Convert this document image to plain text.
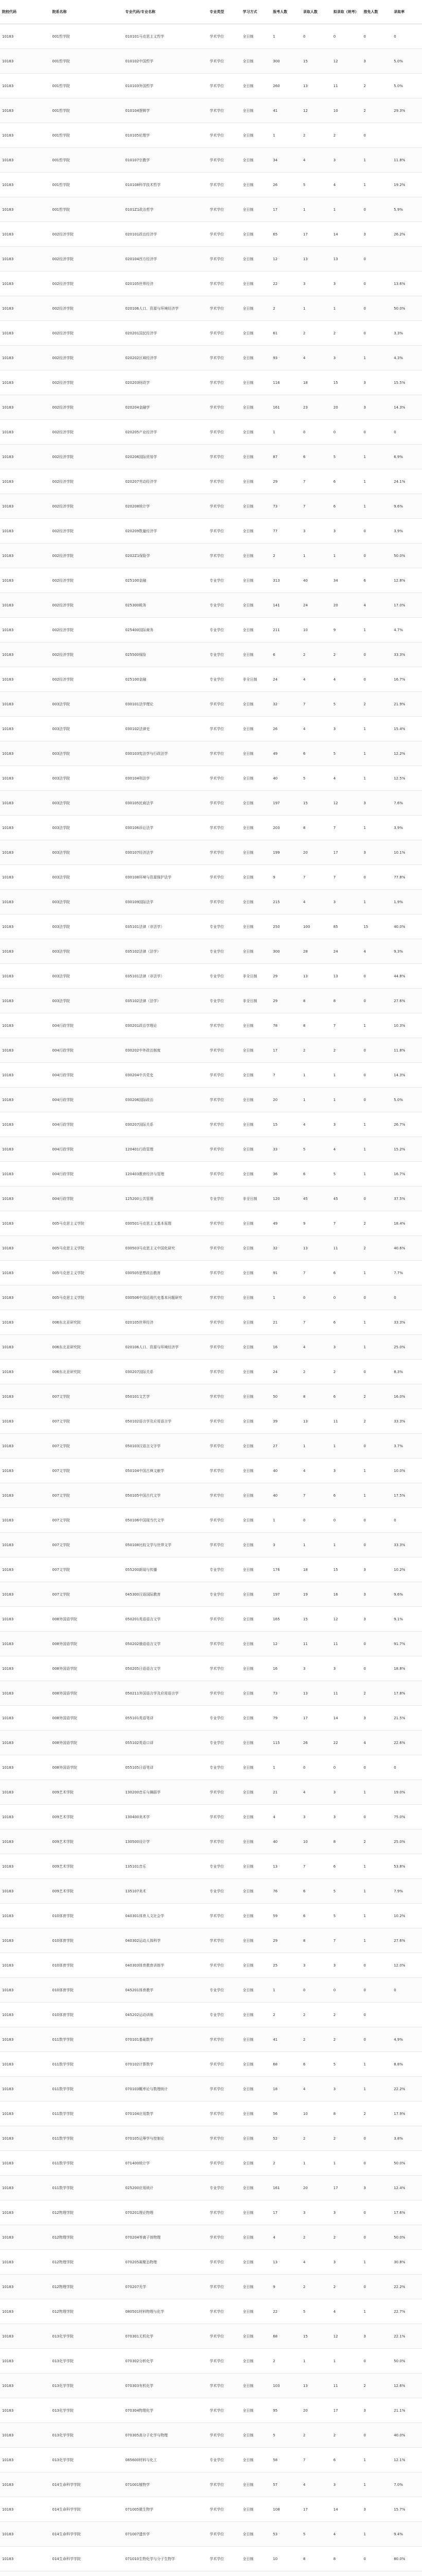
院校代码	院系名称	专业代码/专业名称	专业类型	学习方式	报考人数	录取人数	拟录取（统考）	推免人数	录取率
10183	001哲学院	010101马克思主义哲学	学术学位	全日制	1	0	0	0	0
10183	001哲学院	010102中国哲学	学术学位	全日制	300	15	12	3	5.0%
10183	001哲学院	010103外国哲学	学术学位	全日制	260	13	11	2	5.0%
10183	001哲学院	010104逻辑学	学术学位	全日制	41	12	10	2	29.3%
10183	001哲学院	010105伦理学	学术学位	全日制	1	2	2	0	
10183	001哲学院	010107宗教学	学术学位	全日制	34	4	3	1	11.8%
10183	001哲学院	010108科学技术哲学	学术学位	全日制	26	5	4	1	19.2%
10183	001哲学院	0101Z1政治哲学	学术学位	全日制	17	1	1	0	5.9%
10183	002经济学院	020101政治经济学	学术学位	全日制	65	17	14	3	26.2%
10183	002经济学院	020104西方经济学	学术学位	全日制	12	13	13	0	
10183	002经济学院	020105世界经济	学术学位	全日制	22	3	3	0	13.6%
10183	002经济学院	020106人口、资源与环境经济学	学术学位	全日制	2	1	1	0	50.0%
10183	002经济学院	020201国民经济学	学术学位	全日制	61	2	2	0	3.3%
10183	002经济学院	020202区域经济学	学术学位	全日制	93	4	3	1	4.3%
10183	002经济学院	020203财政学	学术学位	全日制	116	18	15	3	15.5%
10183	002经济学院	020204金融学	学术学位	全日制	161	23	20	3	14.3%
10183	002经济学院	020205产业经济学	学术学位	全日制	1	0	0	0	0
10183	002经济学院	020206国际贸易学	学术学位	全日制	87	6	5	1	6.9%
10183	002经济学院	020207劳动经济学	学术学位	全日制	29	7	6	1	24.1%
10183	002经济学院	020208统计学	学术学位	全日制	73	7	6	1	9.6%
10183	002经济学院	020209数量经济学	学术学位	全日制	77	3	3	0	3.9%
10183	002经济学院	0202Z1保险学	学术学位	全日制	2	1	1	0	50.0%
10183	002经济学院	025100金融	专业学位	全日制	313	40	34	6	12.8%
10183	002经济学院	025300税务	专业学位	全日制	141	24	20	4	17.0%
10183	002经济学院	025400国际商务	专业学位	全日制	211	10	9	1	4.7%
10183	002经济学院	025500保险	专业学位	全日制	6	2	2	0	33.3%
10183	002经济学院	025100金融	专业学位	非全日制	24	4	4	0	16.7%
10183	003法学院	030101法学理论	学术学位	全日制	32	7	5	2	21.9%
10183	003法学院	030102法律史	学术学位	全日制	26	4	3	1	15.4%
10183	003法学院	030103宪法学与行政法学	学术学位	全日制	49	6	5	1	12.2%
10183	003法学院	030104刑法学	学术学位	全日制	40	5	4	1	12.5%
10183	003法学院	030105民商法学	学术学位	全日制	197	15	12	3	7.6%
10183	003法学院	030106诉讼法学	学术学位	全日制	203	8	7	1	3.9%
10183	003法学院	030107经济法学	学术学位	全日制	199	20	17	3	10.1%
10183	003法学院	030108环境与资源保护法学	学术学位	全日制	9	7	7	0	77.8%
10183	003法学院	030109国际法学	学术学位	全日制	215	4	3	1	1.9%
10183	003法学院	035101法律（非法学）	专业学位	全日制	250	100	85	15	40.0%
10183	003法学院	035102法律（法学）	专业学位	全日制	300	28	24	4	9.3%
10183	003法学院	035101法律（非法学）	专业学位	非全日制	29	13	13	0	44.8%
10183	003法学院	035102法律（法学）	专业学位	非全日制	29	8	8	0	27.6%
10183	004行政学院	030201政治学理论	学术学位	全日制	78	8	7	1	10.3%
10183	004行政学院	030202中外政治制度	学术学位	全日制	17	2	2	0	11.8%
10183	004行政学院	030204中共党史	学术学位	全日制	7	1	1	0	14.3%
10183	004行政学院	030206国际政治	学术学位	全日制	20	1	1	0	5.0%
10183	004行政学院	030207国际关系	学术学位	全日制	15	4	3	1	26.7%
10183	004行政学院	120401行政管理	学术学位	全日制	33	5	4	1	15.2%
10183	004行政学院	120403教育经济与管理	学术学位	全日制	36	6	5	1	16.7%
10183	004行政学院	125200公共管理	专业学位	非全日制	120	45	45	0	37.5%
10183	005马克思主义学院	030501马克思主义基本原理	学术学位	全日制	49	9	7	2	18.4%
10183	005马克思主义学院	030503马克思主义中国化研究	学术学位	全日制	32	13	11	2	40.6%
10183	005马克思主义学院	030505思想政治教育	学术学位	全日制	91	7	6	1	7.7%
10183	005马克思主义学院	030506中国近现代史基本问题研究	学术学位	全日制	1	0	0	0	0
10183	006东北亚研究院	020105世界经济	学术学位	全日制	21	7	6	1	33.3%
10183	006东北亚研究院	020106人口、资源与环境经济学	学术学位	全日制	16	4	3	1	25.0%
10183	006东北亚研究院	030207国际关系	学术学位	全日制	24	2	2	0	8.3%
10183	007文学院	050101文艺学	学术学位	全日制	50	8	6	2	16.0%
10183	007文学院	050102语言学及应用语言学	学术学位	全日制	39	13	11	2	33.3%
10183	007文学院	050103汉语言文字学	学术学位	全日制	27	1	1	0	3.7%
10183	007文学院	050104中国古典文献学	学术学位	全日制	40	4	3	1	10.0%
10183	007文学院	050105中国古代文学	学术学位	全日制	40	7	6	1	17.5%
10183	007文学院	050106中国现当代文学	学术学位	全日制	1	0	0	0	0
10183	007文学院	050108比较文学与世界文学	学术学位	全日制	3	1	1	0	33.3%
10183	007文学院	055200新闻与传播	专业学位	全日制	176	18	15	3	10.2%
10183	007文学院	045300汉语国际教育	专业学位	全日制	197	19	16	3	9.6%
10183	008外国语学院	050201英语语言文学	学术学位	全日制	165	15	12	3	9.1%
10183	008外国语学院	050202俄语语言文学	学术学位	全日制	12	11	11	0	91.7%
10183	008外国语学院	050205日语语言文学	学术学位	全日制	16	3	3	0	18.8%
10183	008外国语学院	050211外国语言学及应用语言学	学术学位	全日制	73	13	11	2	17.8%
10183	008外国语学院	055101英语笔译	专业学位	全日制	79	17	14	3	21.5%
10183	008外国语学院	055102英语口译	专业学位	全日制	115	26	22	4	22.6%
10183	008外国语学院	055105日语笔译	专业学位	全日制	1	0	0	0	0
10183	009艺术学院	130200音乐与舞蹈学	学术学位	全日制	21	4	3	1	19.0%
10183	009艺术学院	130400美术学	学术学位	全日制	4	3	3	0	75.0%
10183	009艺术学院	130500设计学	学术学位	全日制	40	10	8	2	25.0%
10183	009艺术学院	135101音乐	专业学位	全日制	13	7	6	1	53.8%
10183	009艺术学院	135107美术	专业学位	全日制	76	6	5	1	7.9%
10183	010体育学院	040301体育人文社会学	学术学位	全日制	59	6	5	1	10.2%
10183	010体育学院	040302运动人体科学	学术学位	全日制	29	8	7	1	27.6%
10183	010体育学院	040303体育教育训练学	学术学位	全日制	25	3	3	0	12.0%
10183	010体育学院	045201体育教学	专业学位	全日制	1	0	0	0	0
10183	010体育学院	045202运动训练	专业学位	全日制	2	2	2	0	
10183	011数学学院	070101基础数学	学术学位	全日制	41	2	2	0	4.9%
10183	011数学学院	070102计算数学	学术学位	全日制	68	6	5	1	8.8%
10183	011数学学院	070103概率论与数理统计	学术学位	全日制	18	4	3	1	22.2%
10183	011数学学院	070104应用数学	学术学位	全日制	56	10	8	2	17.9%
10183	011数学学院	070105运筹学与控制论	学术学位	全日制	52	2	2	0	3.8%
10183	011数学学院	071400统计学	学术学位	全日制	2	1	1	0	50.0%
10183	011数学学院	025200应用统计	专业学位	全日制	161	20	17	3	12.4%
10183	012物理学院	070201理论物理	学术学位	全日制	17	3	3	0	17.6%
10183	012物理学院	070204等离子体物理	学术学位	全日制	4	2	2	0	50.0%
10183	012物理学院	070205凝聚态物理	学术学位	全日制	13	4	3	1	30.8%
10183	012物理学院	070207光学	学术学位	全日制	9	2	2	0	22.2%
10183	012物理学院	080501材料物理与化学	学术学位	全日制	22	5	4	1	22.7%
10183	013化学学院	070301无机化学	学术学位	全日制	68	15	12	3	22.1%
10183	013化学学院	070302分析化学	学术学位	全日制	2	1	1	0	50.0%
10183	013化学学院	070303有机化学	学术学位	全日制	103	13	11	2	12.6%
10183	013化学学院	070304物理化学	学术学位	全日制	95	20	17	3	21.1%
10183	013化学学院	070305高分子化学与物理	学术学位	全日制	5	2	2	0	40.0%
10183	013化学学院	085600材料与化工	专业学位	全日制	58	7	6	1	12.1%
10183	014生命科学学院	071001植物学	学术学位	全日制	57	4	3	1	7.0%
10183	014生命科学学院	071005微生物学	学术学位	全日制	108	17	14	3	15.7%
10183	014生命科学学院	071007遗传学	学术学位	全日制	53	5	4	1	9.4%
10183	014生命科学学院	071010生物化学与分子生物学	学术学位	全日制	10	8	8	0	80.0%
